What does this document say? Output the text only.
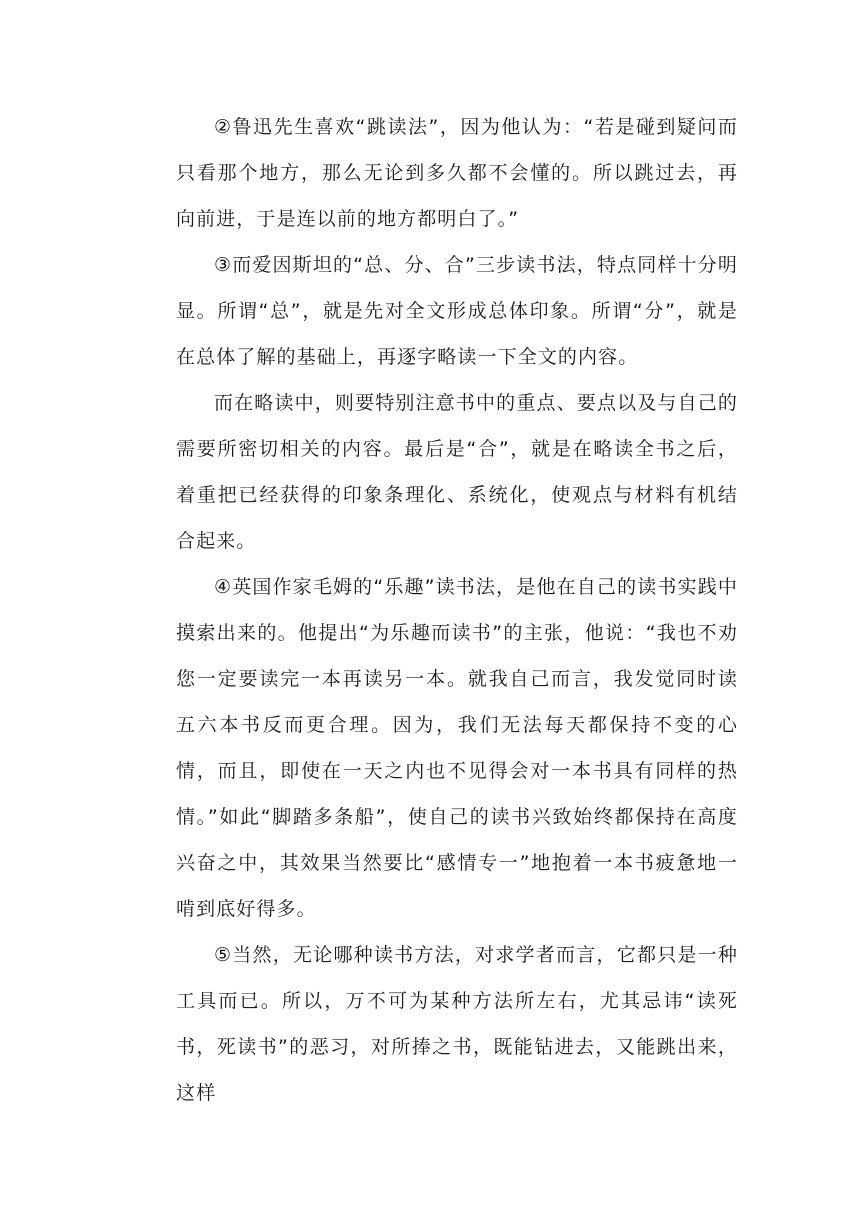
②鲁迅先生喜欢“跳读法”，因为他认为：“若是碰到疑问而只看那个地方，那么无论到多久都不会懂的。所以跳过去，再向前进，于是连以前的地方都明白了。”

③而爱因斯坦的“总、分、合”三步读书法，特点同样十分明显。所谓“总”，就是先对全文形成总体印象。所谓“分”，就是在总体了解的基础上，再逐字略读一下全文的内容。

而在略读中，则要特别注意书中的重点、要点以及与自己的需要所密切相关的内容。最后是“合”，就是在略读全书之后，着重把已经获得的印象条理化、系统化，使观点与材料有机结合起来。

④英国作家毛姆的“乐趣”读书法，是他在自己的读书实践中摸索出来的。他提出“为乐趣而读书”的主张，他说：“我也不劝您一定要读完一本再读另一本。就我自己而言，我发觉同时读五六本书反而更合理。因为，我们无法每天都保持不变的心情，而且，即使在一天之内也不见得会对一本书具有同样的热情。”如此“脚踏多条船”，使自己的读书兴致始终都保持在高度兴奋之中，其效果当然要比“感情专一”地抱着一本书疲惫地一啃到底好得多。

⑤当然，无论哪种读书方法，对求学者而言，它都只是一种工具而已。所以，万不可为某种方法所左右，尤其忌讳“读死书，死读书”的恶习，对所捧之书，既能钻进去，又能跳出来，这样
